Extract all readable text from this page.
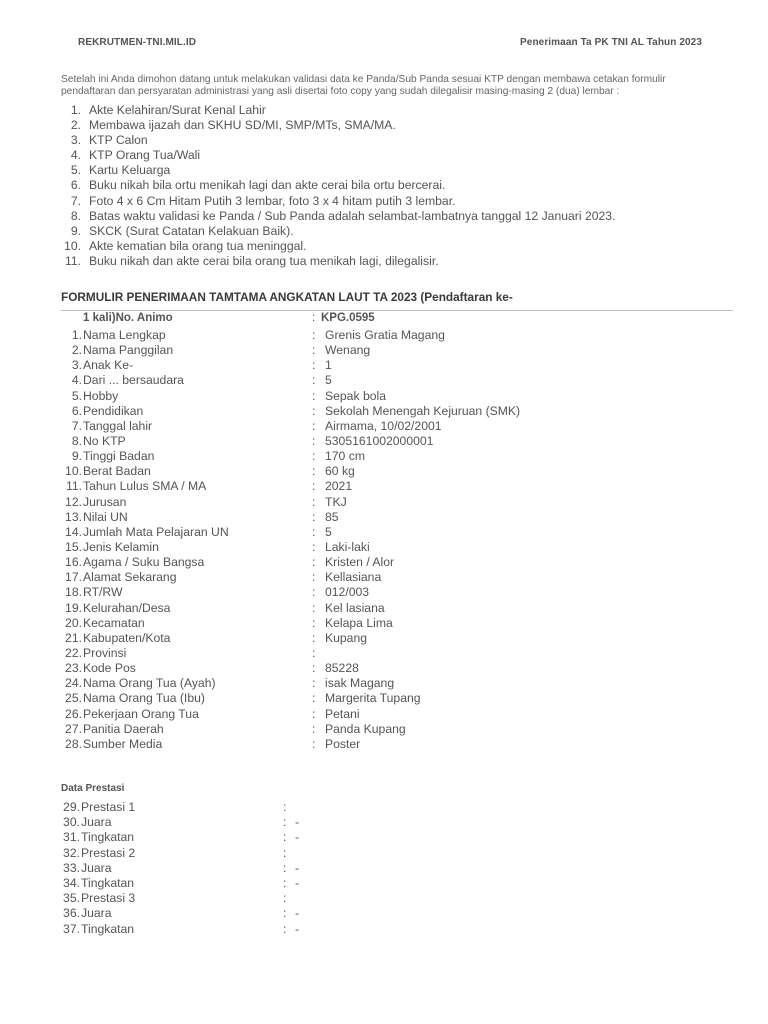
REKRUTMEN-TNI.MIL.ID	Penerimaan Ta PK TNI AL Tahun 2023
Setelah ini Anda dimohon datang untuk melakukan validasi data ke Panda/Sub Panda sesuai KTP dengan membawa cetakan formulir pendaftaran dan persyaratan administrasi yang asli disertai foto copy yang sudah dilegalisir masing-masing 2 (dua) lembar :
1. Akte Kelahiran/Surat Kenal Lahir
2. Membawa ijazah dan SKHU SD/MI, SMP/MTs, SMA/MA.
3. KTP Calon
4. KTP Orang Tua/Wali
5. Kartu Keluarga
6. Buku nikah bila ortu menikah lagi dan akte cerai bila ortu bercerai.
7. Foto 4 x 6 Cm Hitam Putih 3 lembar, foto 3 x 4 hitam putih 3 lembar.
8. Batas waktu validasi ke Panda / Sub Panda adalah selambat-lambatnya tanggal 12 Januari 2023.
9. SKCK (Surat Catatan Kelakuan Baik).
10. Akte kematian bila orang tua meninggal.
11. Buku nikah dan akte cerai bila orang tua menikah lagi, dilegalisir.
FORMULIR PENERIMAAN TAMTAMA ANGKATAN LAUT TA 2023 (Pendaftaran ke-
1 kali)No. Animo	: KPG.0595
1. Nama Lengkap	: Grenis Gratia Magang
2. Nama Panggilan	: Wenang
3. Anak Ke-	: 1
4. Dari ... bersaudara	: 5
5. Hobby	: Sepak bola
6. Pendidikan	: Sekolah Menengah Kejuruan (SMK)
7. Tanggal lahir	: Airmama, 10/02/2001
8. No KTP	: 5305161002000001
9. Tinggi Badan	: 170 cm
10. Berat Badan	: 60 kg
11. Tahun Lulus SMA / MA	: 2021
12. Jurusan	: TKJ
13. Nilai UN	: 85
14. Jumlah Mata Pelajaran UN	: 5
15. Jenis Kelamin	: Laki-laki
16. Agama / Suku Bangsa	: Kristen / Alor
17. Alamat Sekarang	: Kellasiana
18. RT/RW	: 012/003
19. Kelurahan/Desa	: Kel lasiana
20. Kecamatan	: Kelapa Lima
21. Kabupaten/Kota	: Kupang
22. Provinsi	:
23. Kode Pos	: 85228
24. Nama Orang Tua (Ayah)	: isak Magang
25. Nama Orang Tua (Ibu)	: Margerita Tupang
26. Pekerjaan Orang Tua	: Petani
27. Panitia Daerah	: Panda Kupang
28. Sumber Media	: Poster
Data Prestasi
29. Prestasi 1	:
30. Juara	: -
31. Tingkatan	: -
32. Prestasi 2	:
33. Juara	: -
34. Tingkatan	: -
35. Prestasi 3	:
36. Juara	: -
37. Tingkatan	: -
